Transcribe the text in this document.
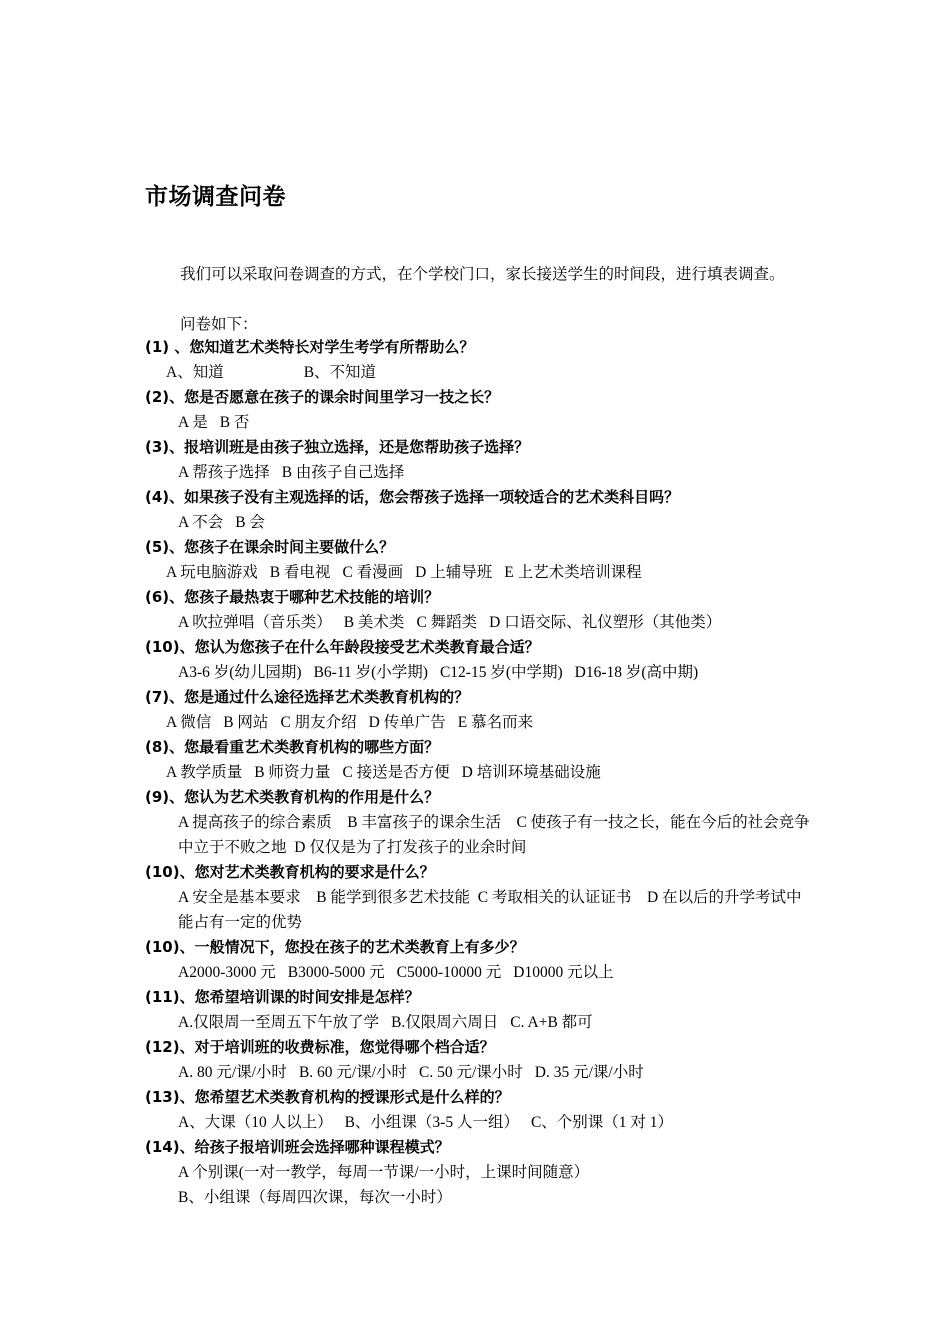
市场调查问卷
我们可以采取问卷调查的方式，在个学校门口，家长接送学生的时间段，进行填表调查。
问卷如下：
(1) 、您知道艺术类特长对学生考学有所帮助么？
A、知道	B、不知道
(2)、您是否愿意在孩子的课余时间里学习一技之长？
A 是 B 否
(3)、报培训班是由孩子独立选择，还是您帮助孩子选择？
A 帮孩子选择 B 由孩子自己选择
(4)、如果孩子没有主观选择的话，您会帮孩子选择一项较适合的艺术类科目吗？
A 不会 B 会
(5)、您孩子在课余时间主要做什么？
A 玩电脑游戏 B 看电视 C 看漫画 D 上辅导班 E 上艺术类培训课程
(6)、您孩子最热衷于哪种艺术技能的培训？
A 吹拉弹唱（音乐类） B 美术类 C 舞蹈类 D 口语交际、礼仪塑形（其他类）
(10)、您认为您孩子在什么年龄段接受艺术类教育最合适？
A3-6 岁(幼儿园期) B6-11 岁(小学期) C12-15 岁(中学期) D16-18 岁(高中期)
(7)、您是通过什么途径选择艺术类教育机构的？
A 微信 B 网站 C 朋友介绍 D 传单广告 E 慕名而来
(8)、您最看重艺术类教育机构的哪些方面？
A 教学质量 B 师资力量 C 接送是否方便 D 培训环境基础设施
(9)、您认为艺术类教育机构的作用是什么？
A 提高孩子的综合素质　 B 丰富孩子的课余生活　 C 使孩子有一技之长，能在今后的社会竞争中立于不败之地  D 仅仅是为了打发孩子的业余时间
(10)、您对艺术类教育机构的要求是什么？
A 安全是基本要求　 B 能学到很多艺术技能  C 考取相关的认证证书　 D 在以后的升学考试中能占有一定的优势
(10)、一般情况下，您投在孩子的艺术类教育上有多少？
A2000-3000 元 B3000-5000 元 C5000-10000 元 D10000 元以上
(11)、您希望培训课的时间安排是怎样？
A.仅限周一至周五下午放了学 B.仅限周六周日 C. A+B 都可
(12)、对于培训班的收费标准，您觉得哪个档合适？
A. 80 元/课/小时 B. 60 元/课/小时 C. 50 元/课小时 D. 35 元/课/小时
(13)、您希望艺术类教育机构的授课形式是什么样的？
A、大课（10 人以上） B、小组课（3-5 人一组） C、个别课（1 对 1）
(14)、给孩子报培训班会选择哪种课程模式？
A 个别课(一对一教学，每周一节课/一小时，上课时间随意）
B、小组课（每周四次课，每次一小时）
